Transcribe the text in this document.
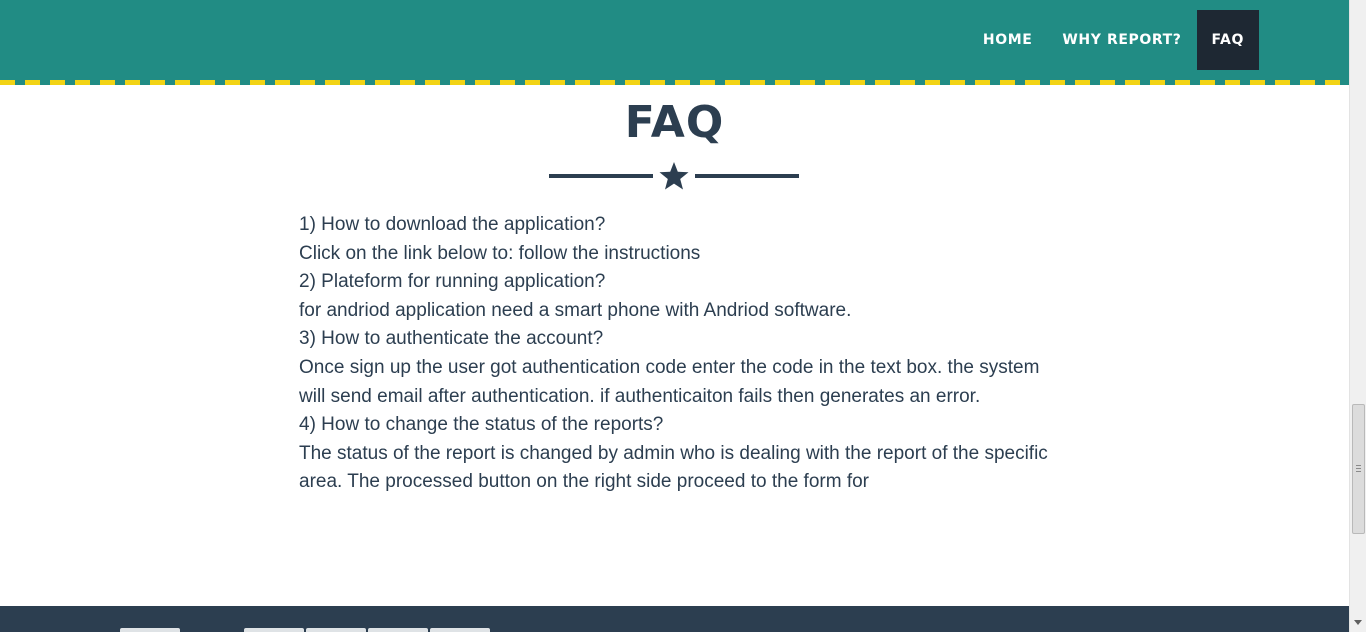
HOME	WHY REPORT?	FAQ
FAQ

1) How to download the application?

Click on the link below to: follow the instructions

2) Plateform for running application?

for andriod application need a smart phone with Andriod software.

3) How to authenticate the account?

Once sign up the user got authentication code enter the code in the text box. the system will send email after authentication. if authenticaiton fails then generates an error.

4) How to change the status of the reports?

The status of the report is changed by admin who is dealing with the report of the specific area. The processed button on the right side proceed to the form for
